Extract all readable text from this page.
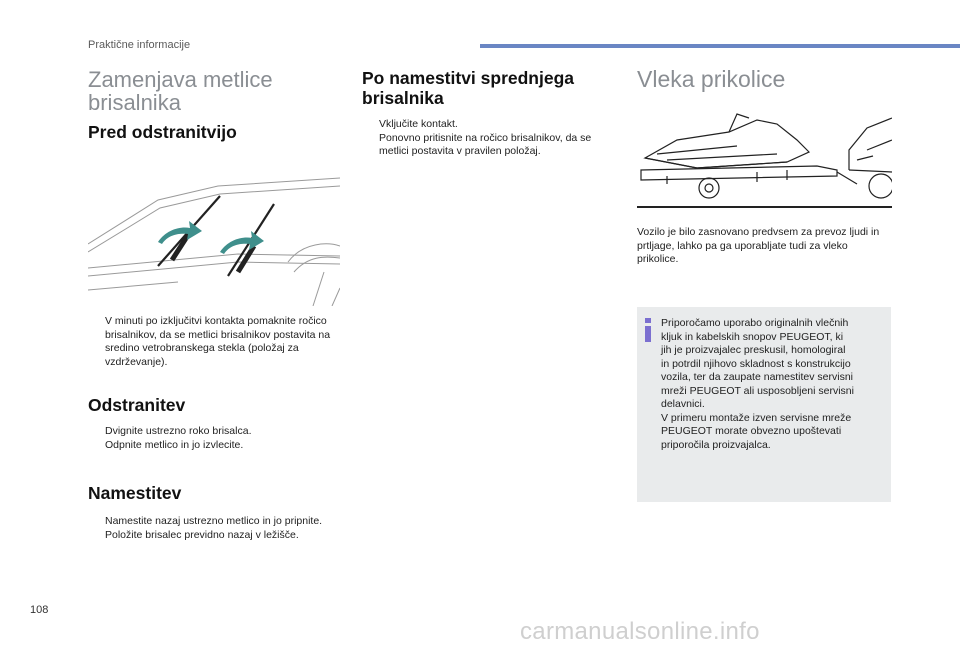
Praktične informacije
Zamenjava metlice
brisalnika
Pred odstranitvijo
V minuti po izključitvi kontakta pomaknite ročico brisalnikov, da se metlici brisalnikov postavita na sredino vetrobranskega stekla (položaj za vzdrževanje).
Odstranitev
Dvignite ustrezno roko brisalca.
Odpnite metlico in jo izvlecite.
Namestitev
Namestite nazaj ustrezno metlico in jo pripnite.
Položite brisalec previdno nazaj v ležišče.
Po namestitvi sprednjega
brisalnika
Vključite kontakt.
Ponovno pritisnite na ročico brisalnikov, da se metlici postavita v pravilen položaj.
Vleka prikolice
Vozilo je bilo zasnovano predvsem za prevoz ljudi in prtljage, lahko pa ga uporabljate tudi za vleko prikolice.
Priporočamo uporabo originalnih vlečnih
kljuk in kabelskih snopov PEUGEOT, ki
jih je proizvajalec preskusil, homologiral
in potrdil njihovo skladnost s konstrukcijo
vozila, ter da zaupate namestitev servisni
mreži PEUGEOT ali usposobljeni servisni
delavnici.
V primeru montaže izven servisne mreže
PEUGEOT morate obvezno upoštevati
priporočila proizvajalca.
108
carmanualsonline.info
